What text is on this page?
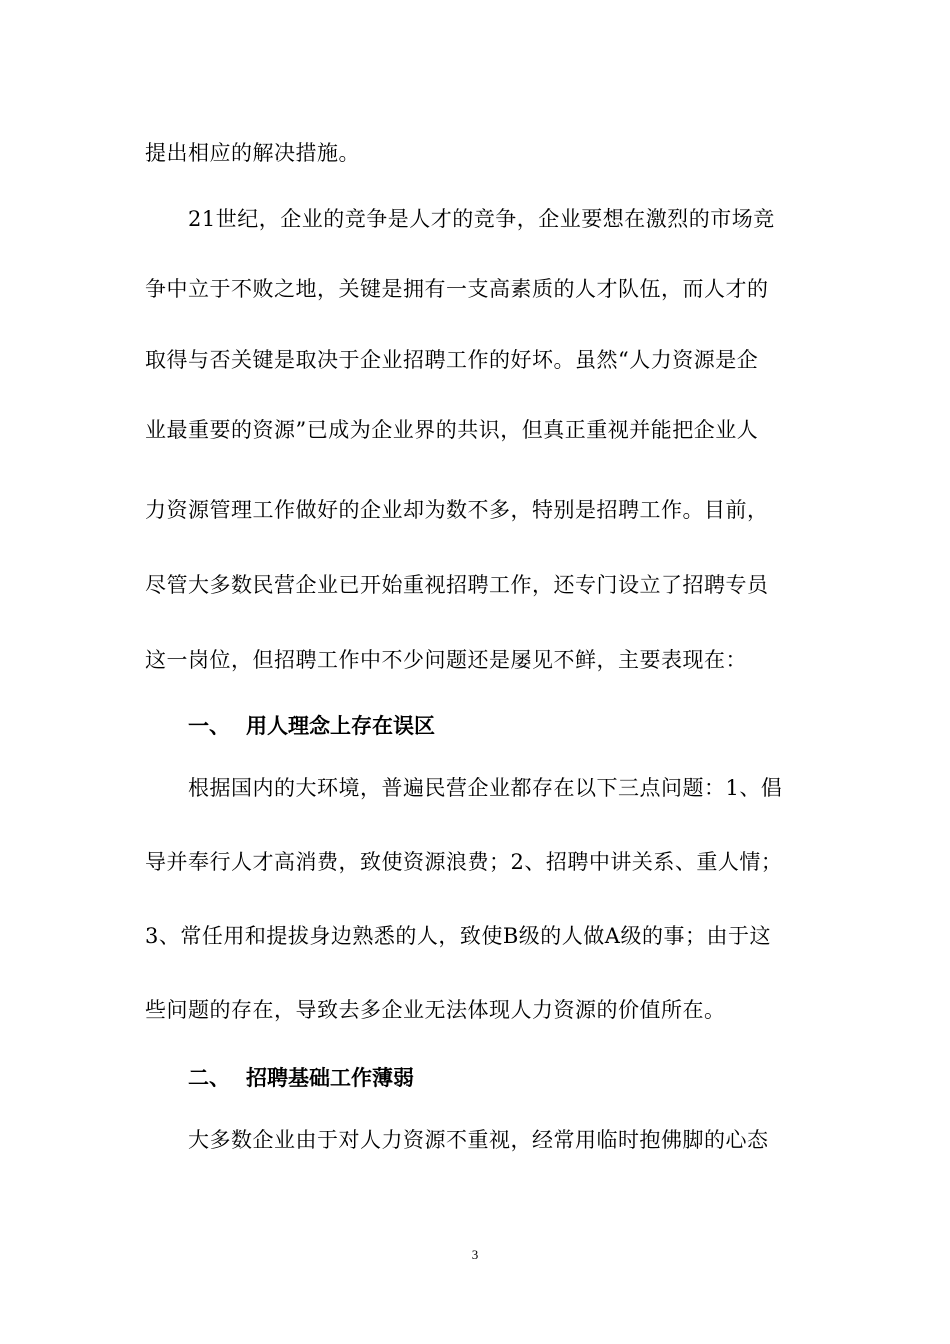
提出相应的解决措施。
21世纪，企业的竞争是人才的竞争，企业要想在激烈的市场竞
争中立于不败之地，关键是拥有一支高素质的人才队伍，而人才的
取得与否关键是取决于企业招聘工作的好坏。虽然“人力资源是企
业最重要的资源”已成为企业界的共识，但真正重视并能把企业人
力资源管理工作做好的企业却为数不多，特别是招聘工作。目前，
尽管大多数民营企业已开始重视招聘工作，还专门设立了招聘专员
这一岗位，但招聘工作中不少问题还是屡见不鲜，主要表现在：
一、 用人理念上存在误区
根据国内的大环境，普遍民营企业都存在以下三点问题：1、倡
导并奉行人才高消费，致使资源浪费；2、招聘中讲关系、重人情；
3、常任用和提拔身边熟悉的人，致使B级的人做A级的事；由于这
些问题的存在，导致去多企业无法体现人力资源的价值所在。
二、 招聘基础工作薄弱
大多数企业由于对人力资源不重视，经常用临时抱佛脚的心态
3
